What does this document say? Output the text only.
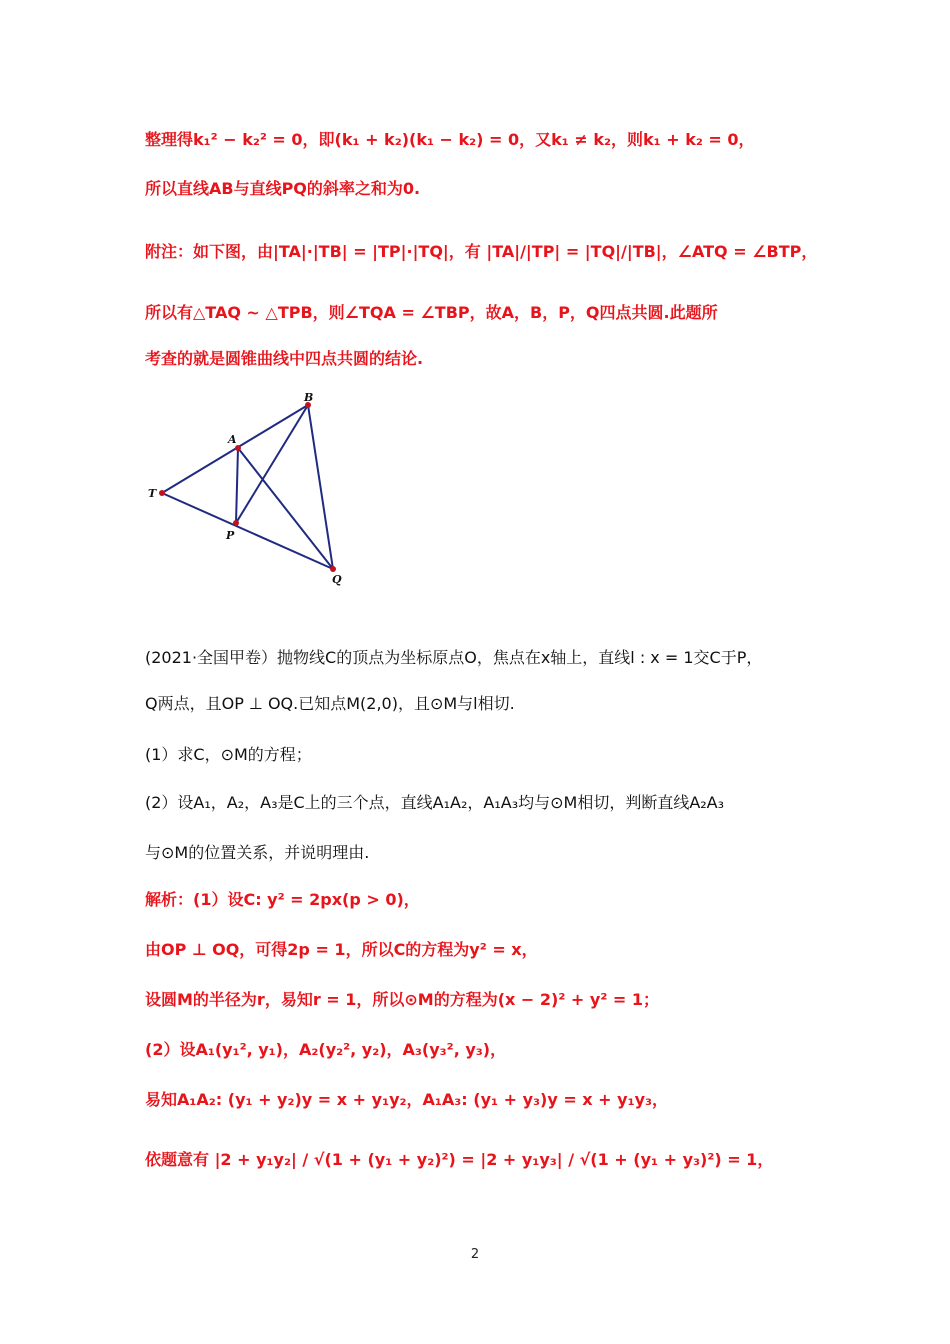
整理得k₁² − k₂² = 0，即(k₁ + k₂)(k₁ − k₂) = 0，又k₁ ≠ k₂，则k₁ + k₂ = 0，
所以直线AB与直线PQ的斜率之和为0.
附注：如下图，由|TA|·|TB| = |TP|·|TQ|，有 |TA|/|TP| = |TQ|/|TB|，∠ATQ = ∠BTP，
所以有△TAQ ∼ △TPB，则∠TQA = ∠TBP，故A，B，P，Q四点共圆.此题所
考查的就是圆锥曲线中四点共圆的结论.
B
A
T
P
Q
(2021·全国甲卷）抛物线C的顶点为坐标原点O，焦点在x轴上，直线l : x = 1交C于P，
Q两点，且OP ⊥ OQ.已知点M(2,0)，且⊙M与l相切.
(1）求C，⊙M的方程；
(2）设A₁，A₂，A₃是C上的三个点，直线A₁A₂，A₁A₃均与⊙M相切，判断直线A₂A₃
与⊙M的位置关系，并说明理由.
解析：(1）设C: y² = 2px(p > 0)，
由OP ⊥ OQ，可得2p = 1，所以C的方程为y² = x，
设圆M的半径为r，易知r = 1，所以⊙M的方程为(x − 2)² + y² = 1；
(2）设A₁(y₁², y₁)，A₂(y₂², y₂)，A₃(y₃², y₃)，
易知A₁A₂: (y₁ + y₂)y = x + y₁y₂，A₁A₃: (y₁ + y₃)y = x + y₁y₃，
依题意有 |2 + y₁y₂| / √(1 + (y₁ + y₂)²) = |2 + y₁y₃| / √(1 + (y₁ + y₃)²) = 1，
2
